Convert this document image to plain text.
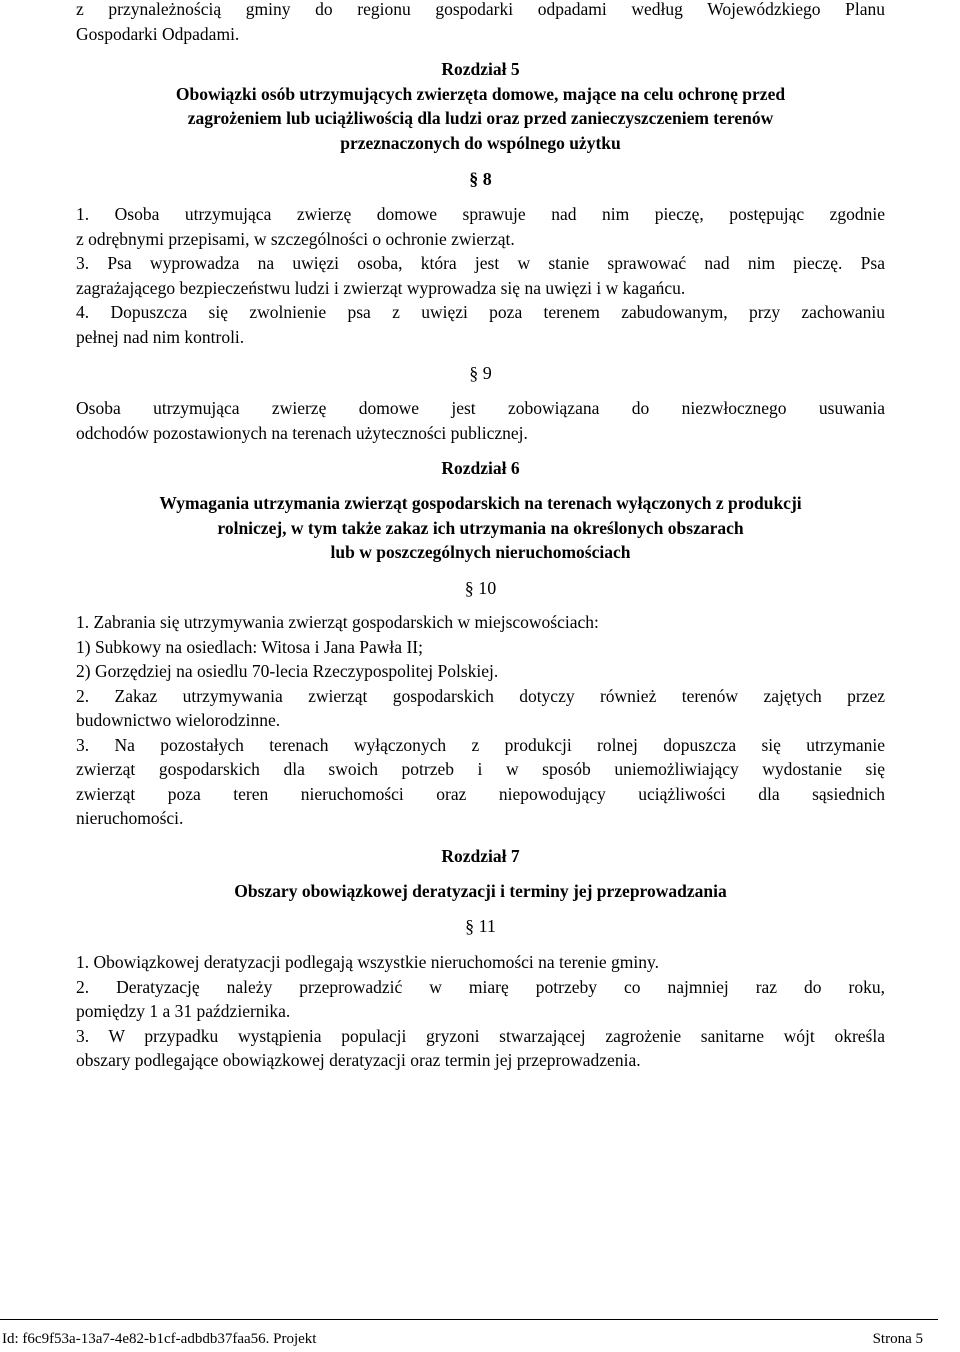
z przynależnością gminy do regionu gospodarki odpadami według Wojewódzkiego Planu
Gospodarki Odpadami.
Rozdział 5
Obowiązki osób utrzymujących zwierzęta domowe, mające na celu ochronę przed
zagrożeniem lub uciążliwością dla ludzi oraz przed zanieczyszczeniem terenów
przeznaczonych do wspólnego użytku
§ 8
1. Osoba utrzymująca zwierzę domowe sprawuje nad nim pieczę, postępując zgodnie
z odrębnymi przepisami, w szczególności o ochronie zwierząt.
3. Psa wyprowadza na uwięzi osoba, która jest w stanie sprawować nad nim pieczę. Psa
zagrażającego bezpieczeństwu ludzi i zwierząt wyprowadza się na uwięzi i w kagańcu.
4. Dopuszcza się zwolnienie psa z uwięzi poza terenem zabudowanym, przy zachowaniu
pełnej nad nim kontroli.
§ 9
Osoba utrzymująca zwierzę domowe jest zobowiązana do niezwłocznego usuwania
odchodów pozostawionych na terenach użyteczności publicznej.
Rozdział 6
Wymagania utrzymania zwierząt gospodarskich na terenach wyłączonych z produkcji
rolniczej, w tym także zakaz ich utrzymania na określonych obszarach
lub w poszczególnych nieruchomościach
§ 10
1. Zabrania się utrzymywania zwierząt gospodarskich w miejscowościach:
1) Subkowy na osiedlach: Witosa i Jana Pawła II;
2) Gorzędziej na osiedlu 70-lecia Rzeczypospolitej Polskiej.
2. Zakaz utrzymywania zwierząt gospodarskich dotyczy również terenów zajętych przez
budownictwo wielorodzinne.
3. Na pozostałych terenach wyłączonych z produkcji rolnej dopuszcza się utrzymanie
zwierząt gospodarskich dla swoich potrzeb i w sposób uniemożliwiający wydostanie się
zwierząt poza teren nieruchomości oraz niepowodujący uciążliwości dla sąsiednich
nieruchomości.
Rozdział 7
Obszary obowiązkowej deratyzacji i terminy jej przeprowadzania
§ 11
1. Obowiązkowej deratyzacji podlegają wszystkie nieruchomości na terenie gminy.
2. Deratyzację należy przeprowadzić w miarę potrzeby co najmniej raz do roku,
pomiędzy 1 a 31 października.
3. W przypadku wystąpienia populacji gryzoni stwarzającej zagrożenie sanitarne wójt określa
obszary podlegające obowiązkowej deratyzacji oraz termin jej przeprowadzenia.
Id: f6c9f53a-13a7-4e82-b1cf-adbdb37faa56. Projekt	Strona 5
